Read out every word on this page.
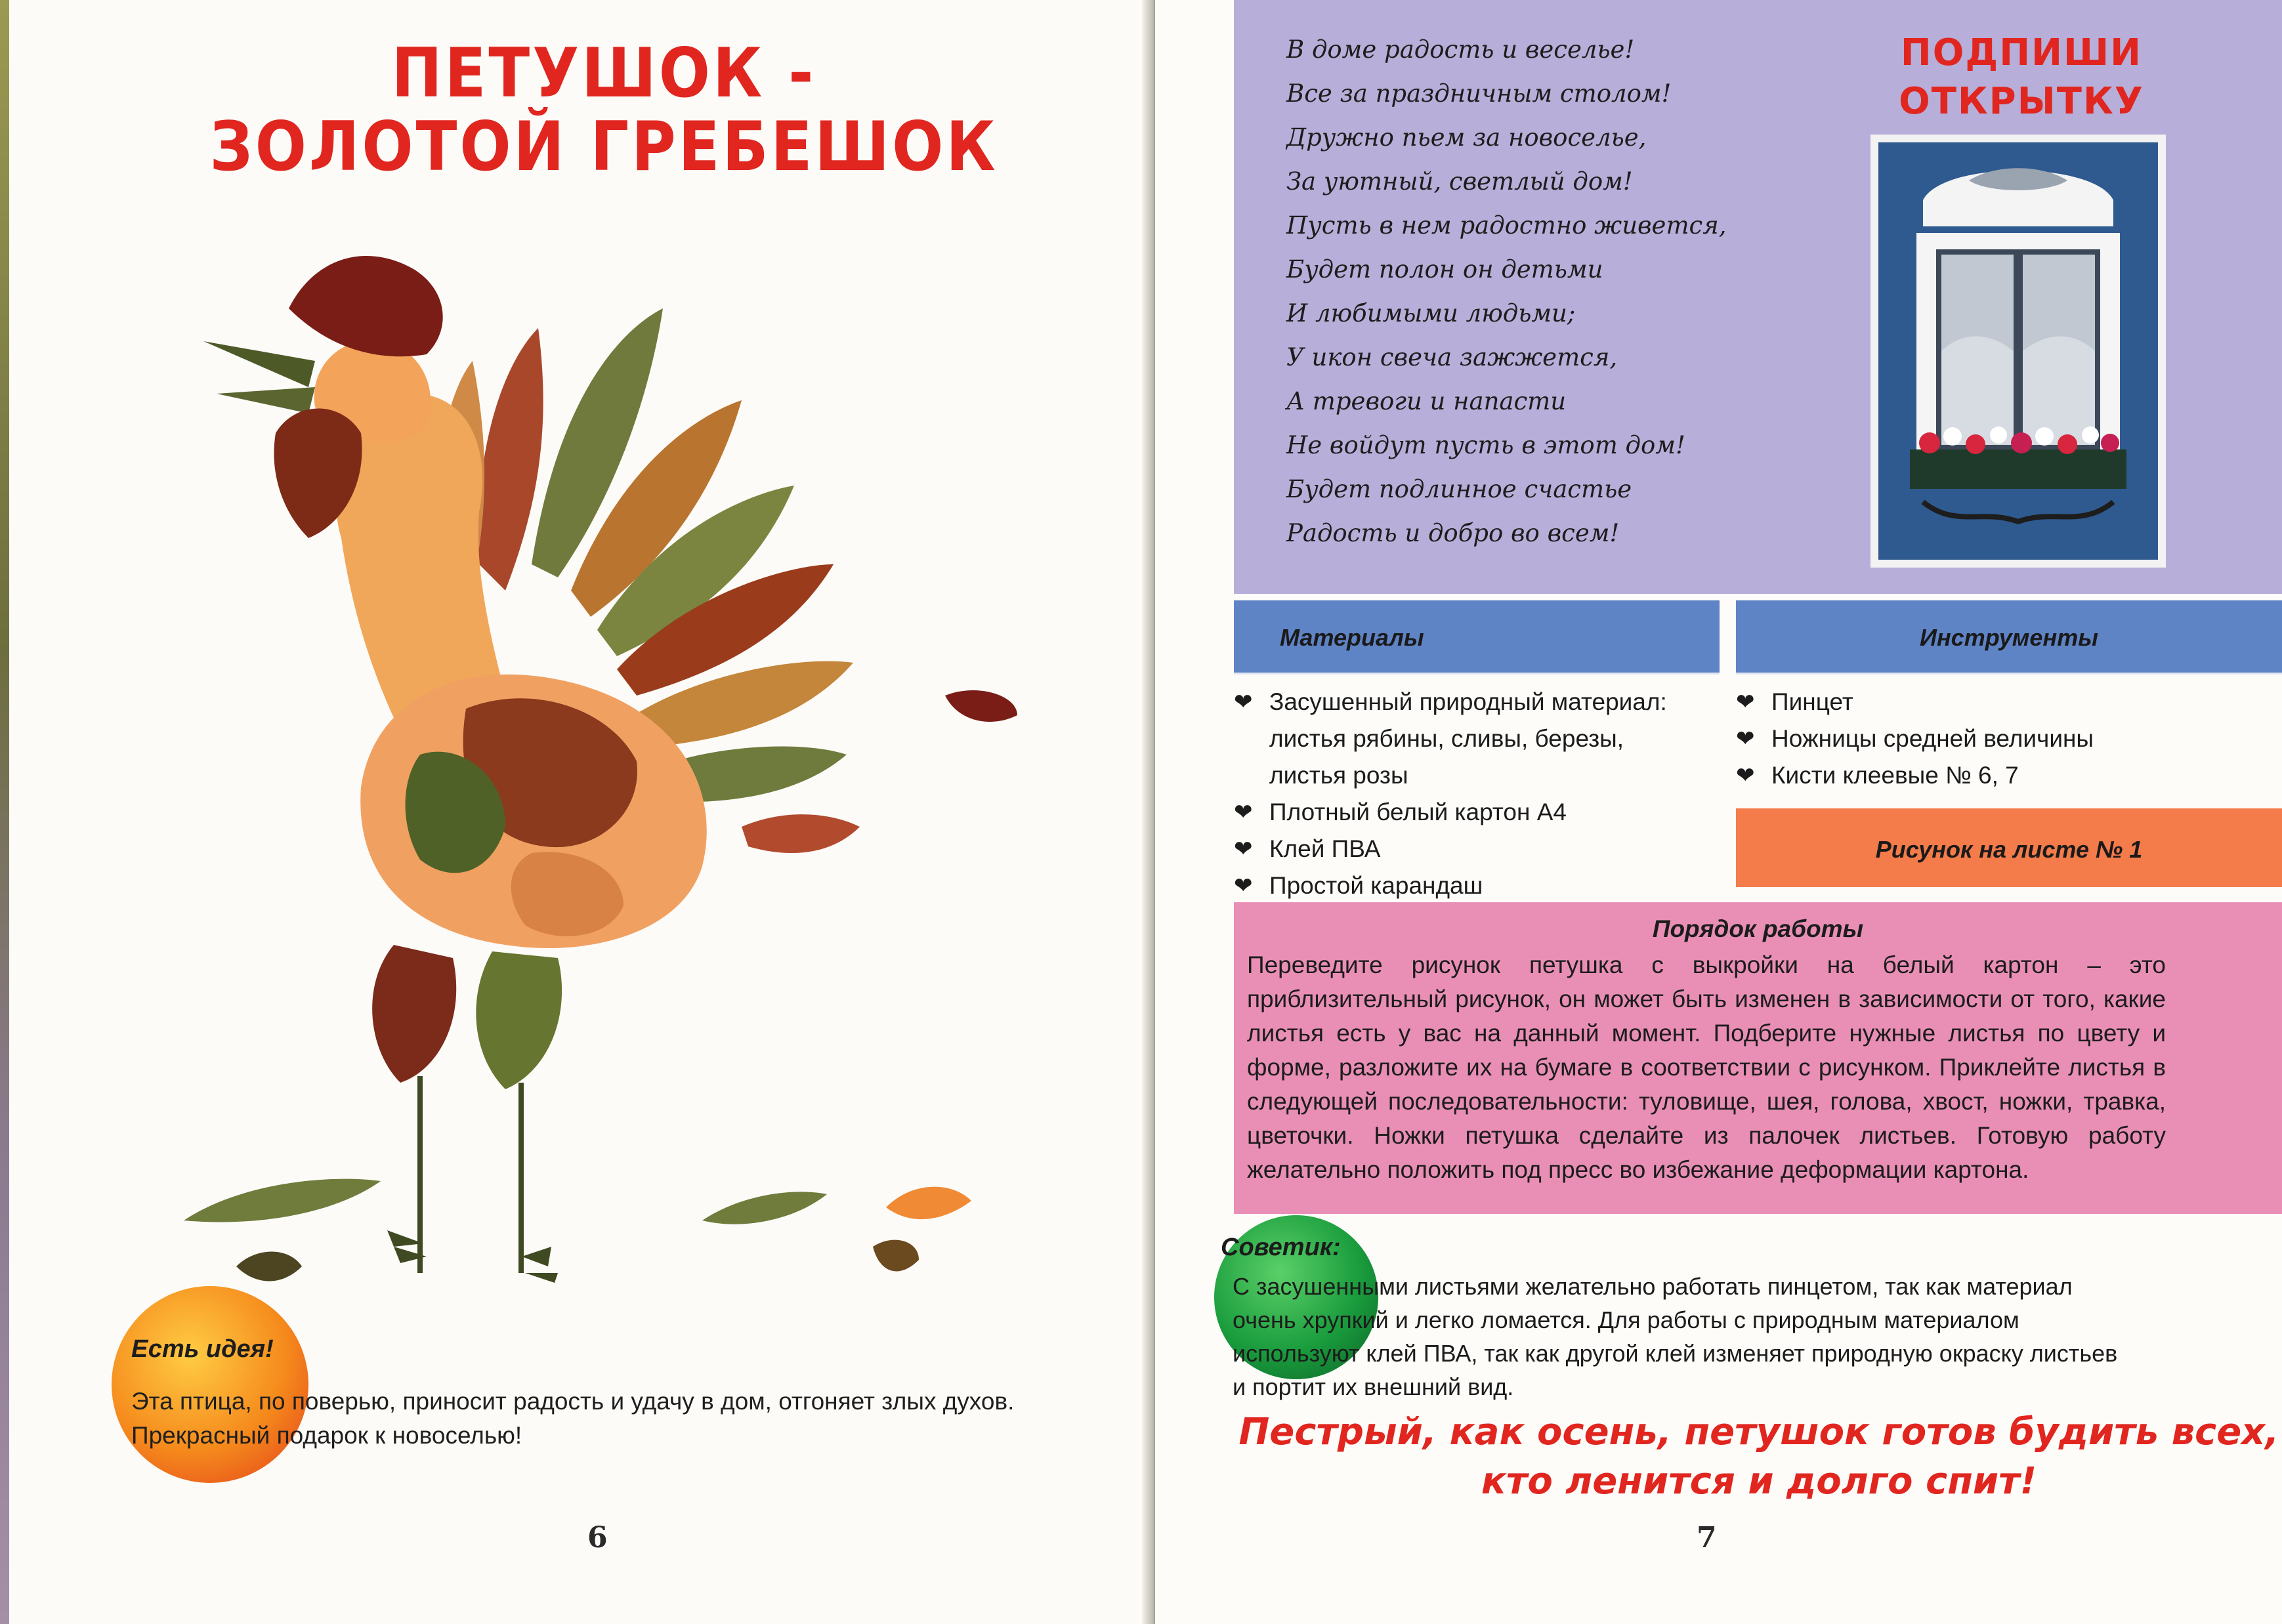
ПЕТУШОК -
ЗОЛОТОЙ ГРЕБЕШОК
Есть идея!
Эта птица, по поверью, приносит радость и удачу в дом, отгоняет злых духов. Прекрасный подарок к новоселью!
6
В доме радость и веселье!
Все за праздничным столом!
Дружно пьем за новоселье,
За уютный, светлый дом!
Пусть в нем радостно живется,
Будет полон он детьми
И любимыми людьми;
У икон свеча зажжется,
А тревоги и напасти
Не войдут пусть в этот дом!
Будет подлинное счастье
Радость и добро во всем!
ПОДПИШИ
ОТКРЫТКУ
Материалы	Инструменты
❤ Засушенный природный материал:
листья рябины, сливы, березы,
листья розы
❤ Плотный белый картон А4
❤ Клей ПВА
❤ Простой карандаш
❤ Пинцет
❤ Ножницы средней величины
❤ Кисти клеевые № 6, 7
Рисунок на листе № 1
Порядок работы
Переведите рисунок петушка с выкройки на белый картон – это приблизительный рисунок, он может быть изменен в зависимости от того, какие листья есть у вас на данный момент. Подберите нужные листья по цвету и форме, разложите их на бумаге в соответствии с рисунком. Приклейте листья в следующей последовательности: туловище, шея, голова, хвост, ножки, травка, цветочки. Ножки петушка сделайте из палочек листьев. Готовую работу желательно положить под пресс во избежание деформации картона.
Советик:
С засушенными листьями желательно работать пинцетом, так как материал очень хрупкий и легко ломается. Для работы с природным материалом используют клей ПВА, так как другой клей изменяет природную окраску листьев и портит их внешний вид.
Пестрый, как осень, петушок готов будить всех,
кто ленится и долго спит!
7
